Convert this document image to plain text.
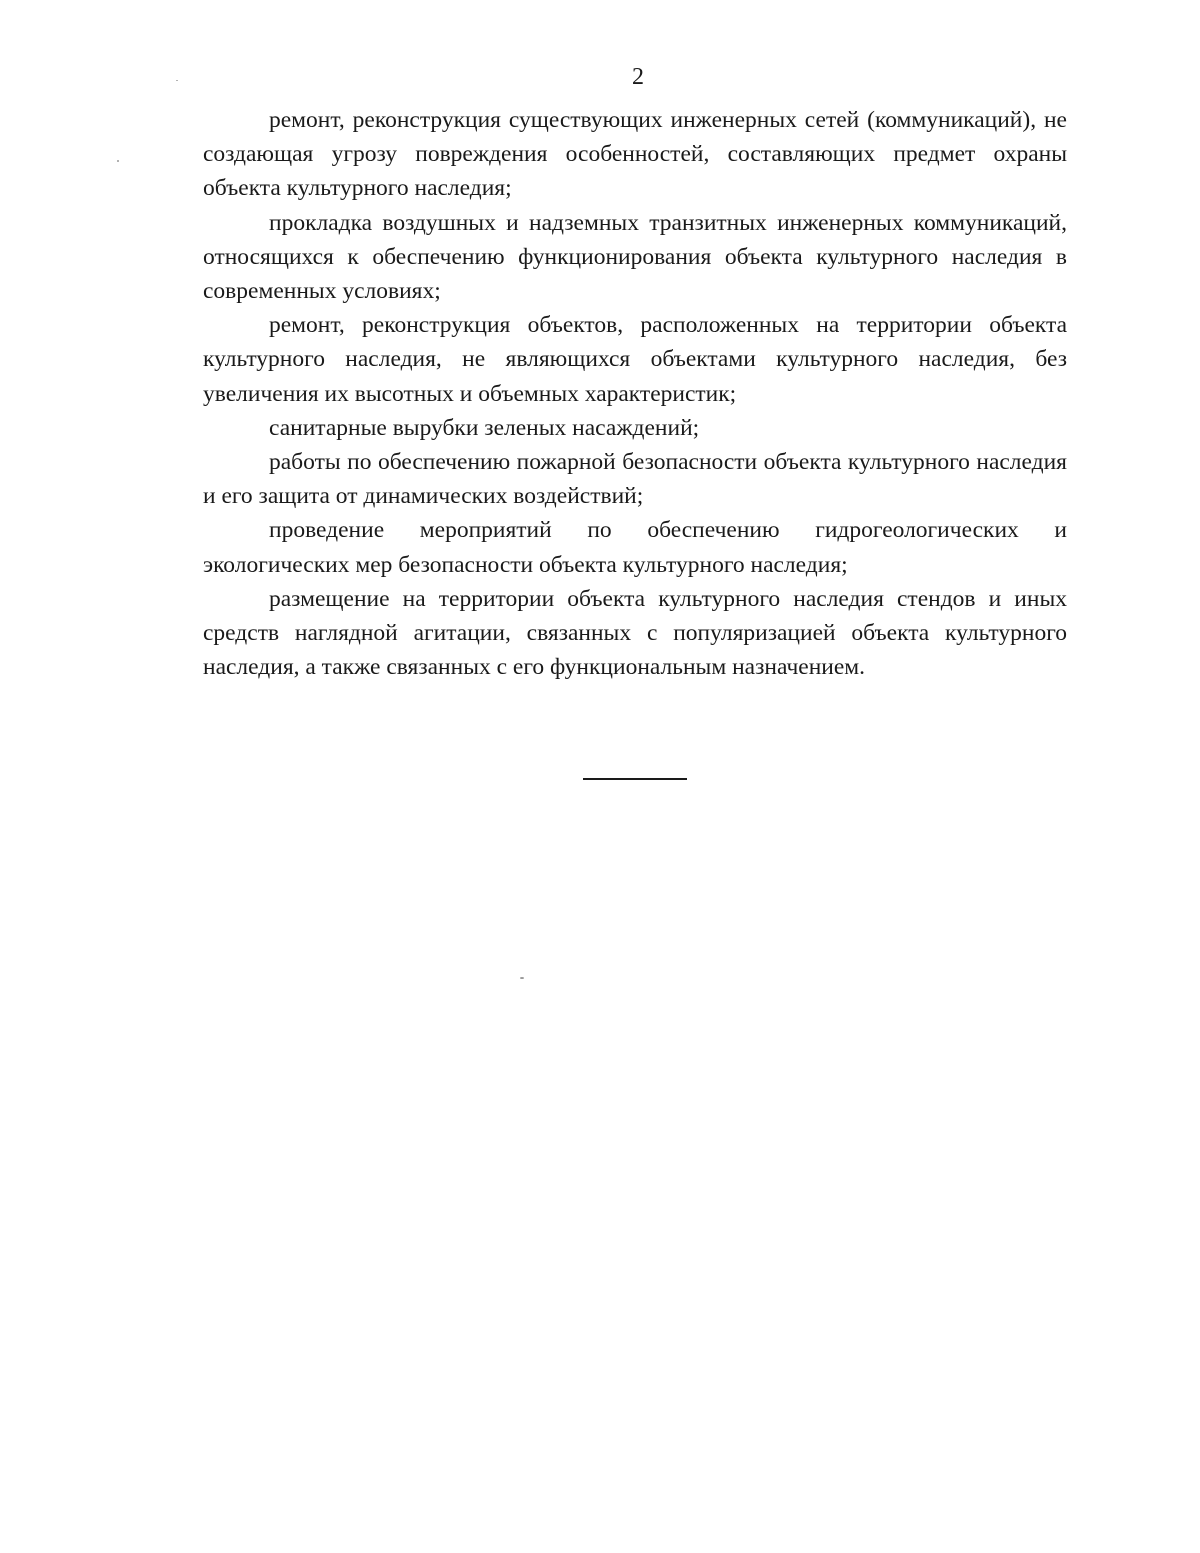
2

ремонт, реконструкция существующих инженерных сетей (коммуникаций), не создающая угрозу повреждения особенностей, составляющих предмет охраны объекта культурного наследия;

прокладка воздушных и надземных транзитных инженерных коммуникаций, относящихся к обеспечению функционирования объекта культурного наследия в современных условиях;

ремонт, реконструкция объектов, расположенных на территории объекта культурного наследия, не являющихся объектами культурного наследия, без увеличения их высотных и объемных характеристик;

санитарные вырубки зеленых насаждений;

работы по обеспечению пожарной безопасности объекта культурного наследия и его защита от динамических воздействий;

проведение мероприятий по обеспечению гидрогеологических и экологических мер безопасности объекта культурного наследия;

размещение на территории объекта культурного наследия стендов и иных средств наглядной агитации, связанных с популяризацией объекта культурного наследия, а также связанных с его функциональным назначением.
